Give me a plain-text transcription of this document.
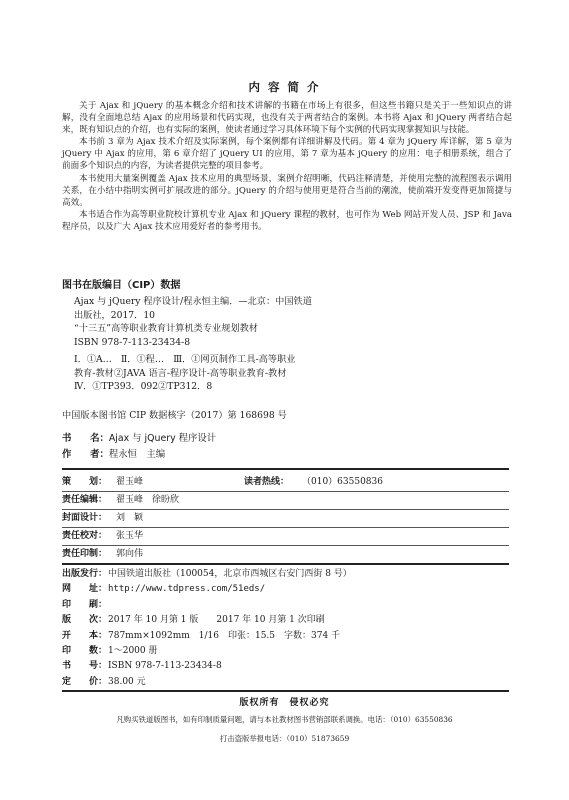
内 容 简 介

关于 Ajax 和 jQuery 的基本概念介绍和技术讲解的书籍在市场上有很多，但这些书籍只是关于一些知识点的讲解，没有全面地总结 Ajax 的应用场景和代码实现，也没有关于两者结合的案例。本书将 Ajax 和 jQuery 两者结合起来，既有知识点的介绍，也有实际的案例，使读者通过学习具体环境下每个实例的代码实现掌握知识与技能。

本书前 3 章为 Ajax 技术介绍及实际案例，每个案例都有详细讲解及代码。第 4 章为 jQuery 库详解，第 5 章为 jQuery 中 Ajax 的应用，第 6 章介绍了 jQuery UI 的应用，第 7 章为基本 jQuery 的应用：电子相册系统，组合了前面多个知识点的内容，为读者提供完整的项目参考。

本书使用大量案例覆盖 Ajax 技术应用的典型场景，案例介绍明晰，代码注释清楚，并使用完整的流程图表示调用关系，在小结中指明实例可扩展改进的部分。jQuery 的介绍与使用更是符合当前的潮流，使前端开发变得更加简捷与高效。

本书适合作为高等职业院校计算机专业 Ajax 和 jQuery 课程的教材，也可作为 Web 网站开发人员、JSP 和 Java 程序员，以及广大 Ajax 技术应用爱好者的参考用书。

图书在版编目（CIP）数据
Ajax 与 jQuery 程序设计/程永恒主编．—北京：中国铁道
出版社，2017．10
“十三五”高等职业教育计算机类专业规划教材
ISBN 978-7-113-23434-8
Ⅰ．①A…　Ⅱ．①程…　Ⅲ．①网页制作工具-高等职业
教育-教材②JAVA 语言-程序设计-高等职业教育-教材
Ⅳ．①TP393．092②TP312．8
中国版本图书馆 CIP 数据核字（2017）第 168698 号
书　　名：Ajax 与 jQuery 程序设计
作　　者：程永恒　主编
策　　划： 翟玉峰	读者热线： （010）63550836
责任编辑： 翟玉峰　徐盼欣
封面设计： 刘　颖
责任校对： 张玉华
责任印制： 郭向伟
出版发行：中国铁道出版社（100054，北京市西城区右安门西街 8 号）
网　　址：http://www.tdpress.com/51eds/
印　　刷：
版　　次：2017 年 10 月第 1 版　　2017 年 10 月第 1 次印刷
开　　本：787mm×1092mm　1/16　印张：15.5　字数：374 千
印　　数：1～2000 册
书　　号：ISBN 978-7-113-23434-8
定　　价：38.00 元
版权所有　侵权必究
凡购买铁道版图书，如有印制质量问题，请与本社教材图书营销部联系调换。电话：（010）63550836
打击盗版举报电话：（010）51873659
